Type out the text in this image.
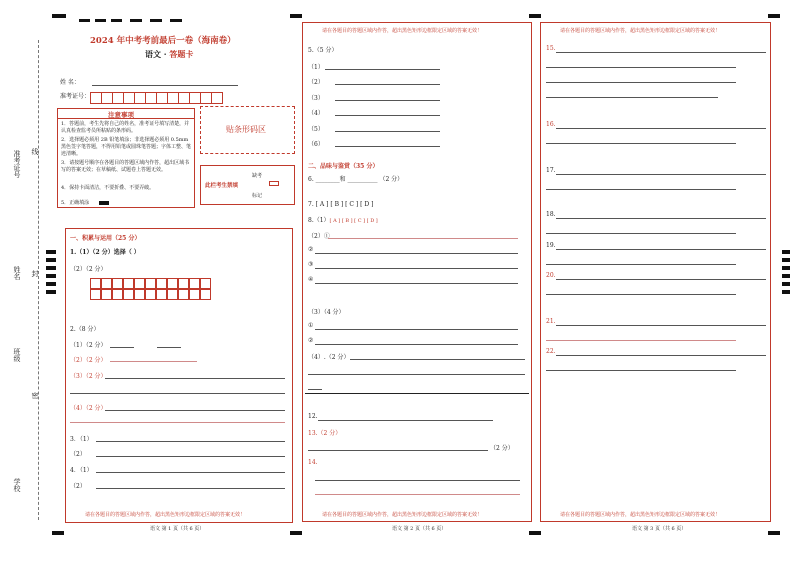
准考证号 线
姓名 封
班级
密
学校
2024 年中考考前最后一卷（海南卷）
语文 · 答题卡
姓 名：
准考证号：
注意事项
1．答题前，考生先将自己的姓名，准考证号填写清楚，并认真检查监考员所粘贴的条形码。
2．选择题必须用 2B 铅笔填涂；非选择题必须用 0.5mm 黑色签字笔答题，不得用铅笔或圆珠笔答题；字体工整、笔迹清晰。
3．请按题号顺序在各题目的答题区域内作答，超出区域书写的答案无效；在草稿纸、试题卷上答题无效。
4．保持卡面清洁，不要折叠、不要弄破。
5．正确填涂
贴条形码区
此栏考生禁填
缺考
标记
一、积累与运用（25 分）
1.（1）（2 分）选择（ ）
（2）（2 分）
2.（8 分）
（1）（2 分）
（2）（2 分）
（3）（2 分）
（4）（2 分）
3．（1）
（2）
4．（1）
（2）
请在各题目的答题区域内作答，超出黑色矩形边框限定区域的答案无效！
语文 第 1 页（共 6 页）
请在各题目的答题区域内作答，超出黑色矩形边框限定区域的答案无效！
5.（5 分）
（1）
（2）
（3）
（4）
（5）
（6）
二、品味与鉴赏（35 分）
6. ________和 __________ （2 分）
7. [ A ] [ B ] [ C ] [ D ]
8.（1）[ A ] [ B ] [ C ] [ D ]
（2）①
②
③
④
（3）（4 分）
①
②
（4）.（2 分）
12.
13.（2 分）
（2 分）
14.
请在各题目的答题区域内作答，超出黑色矩形边框限定区域的答案无效！
语文 第 2 页（共 6 页）
请在各题目的答题区域内作答，超出黑色矩形边框限定区域的答案无效！
15.
16.
17.
18.
19.
20.
21.
22.
请在各题目的答题区域内作答，超出黑色矩形边框限定区域的答案无效！
语文 第 3 页（共 6 页）
